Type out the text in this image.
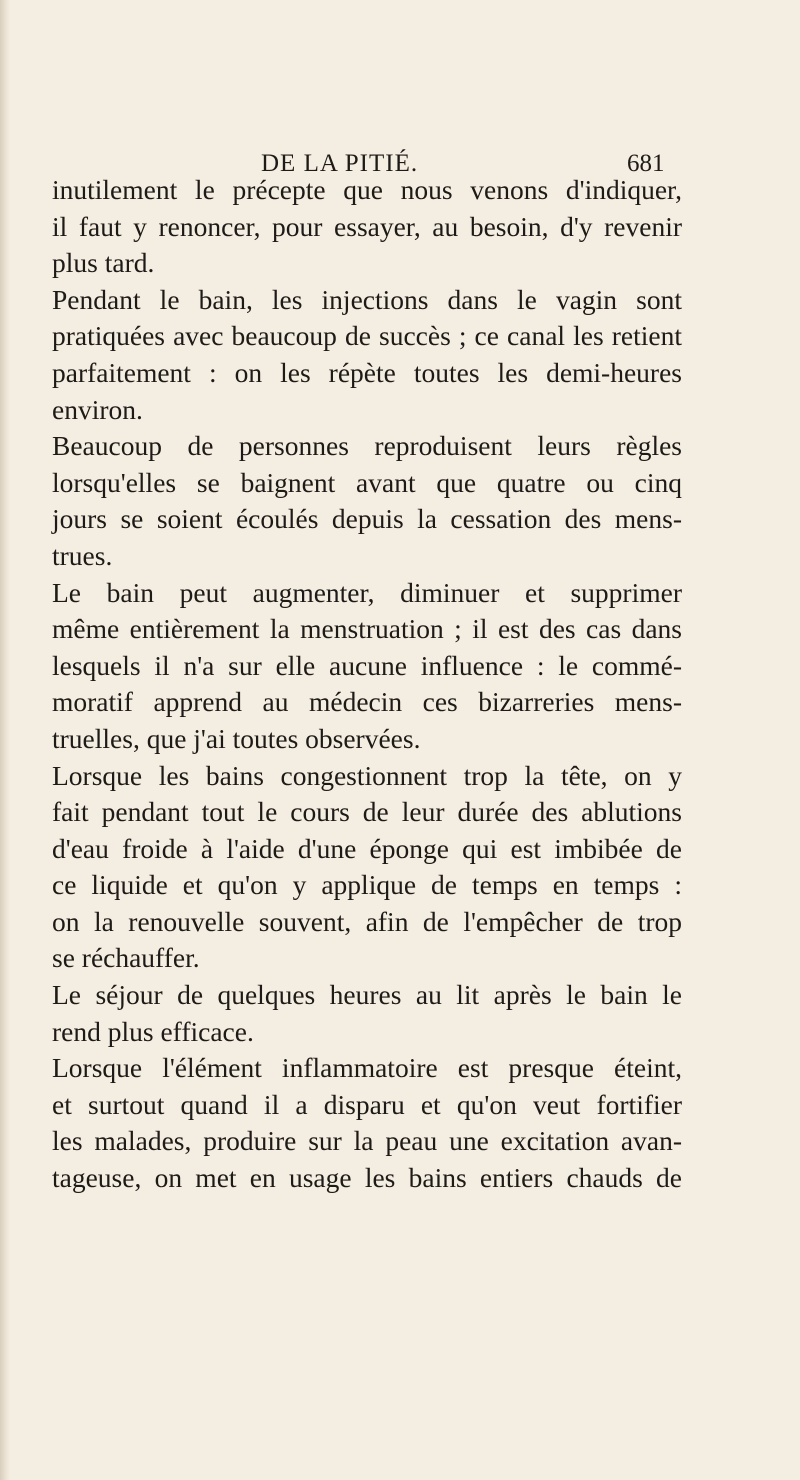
DE LA PITIÉ.	681
inutilement le précepte que nous venons d'indiquer,
il faut y renoncer, pour essayer, au besoin, d'y revenir
plus tard.
Pendant le bain, les injections dans le vagin sont
pratiquées avec beaucoup de succès ; ce canal les retient
parfaitement : on les répète toutes les demi-heures
environ.
Beaucoup de personnes reproduisent leurs règles
lorsqu'elles se baignent avant que quatre ou cinq
jours se soient écoulés depuis la cessation des mens-
trues.
Le bain peut augmenter, diminuer et supprimer
même entièrement la menstruation ; il est des cas dans
lesquels il n'a sur elle aucune influence : le commé-
moratif apprend au médecin ces bizarreries mens-
truelles, que j'ai toutes observées.
Lorsque les bains congestionnent trop la tête, on y
fait pendant tout le cours de leur durée des ablutions
d'eau froide à l'aide d'une éponge qui est imbibée de
ce liquide et qu'on y applique de temps en temps :
on la renouvelle souvent, afin de l'empêcher de trop
se réchauffer.
Le séjour de quelques heures au lit après le bain le
rend plus efficace.
Lorsque l'élément inflammatoire est presque éteint,
et surtout quand il a disparu et qu'on veut fortifier
les malades, produire sur la peau une excitation avan-
tageuse, on met en usage les bains entiers chauds de
